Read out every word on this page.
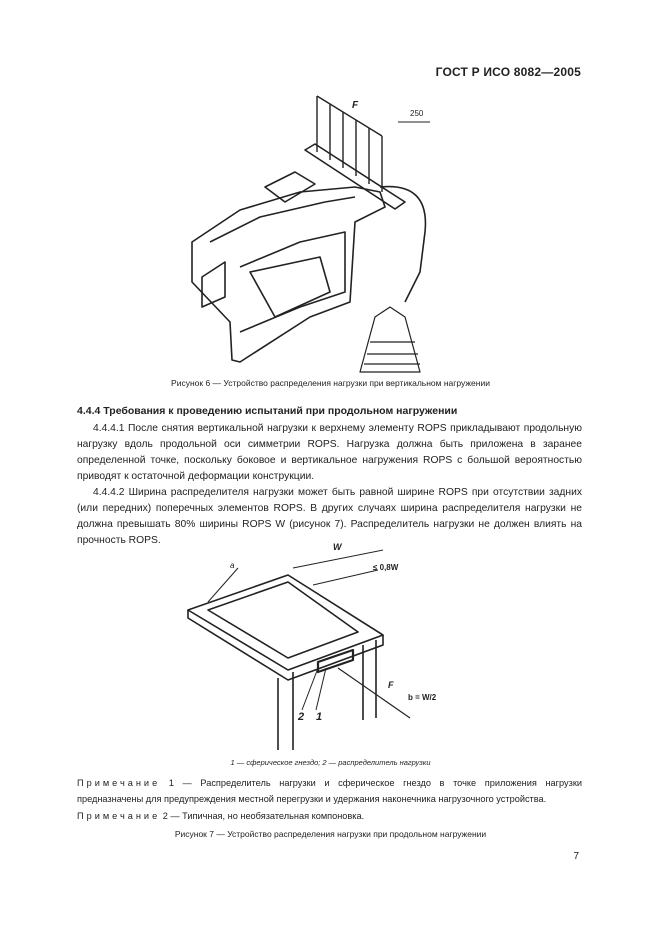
ГОСТ Р ИСО 8082—2005
F
250
Рисунок 6 — Устройство распределения нагрузки при вертикальном нагружении
4.4.4 Требования к проведению испытаний при продольном нагружении

4.4.4.1 После снятия вертикальной нагрузки к верхнему элементу ROPS прикладывают продольную нагрузку вдоль продольной оси симметрии ROPS. Нагрузка должна быть приложена в заранее определенной точке, поскольку боковое и вертикальное нагружения ROPS с большой вероятностью приводят к остаточной деформации конструкции.

4.4.4.2 Ширина распределителя нагрузки может быть равной ширине ROPS при отсутствии задних (или передних) поперечных элементов ROPS. В других случаях ширина распределителя нагрузки не должна превышать 80% ширины ROPS W (рисунок 7). Распределитель нагрузки не должен влиять на прочность ROPS.

W
≤ 0,8W
a
F
b = W/2
2 1
1 — сферическое гнездо; 2 — распределитель нагрузки

Примечание 1 — Распределитель нагрузки и сферическое гнездо в точке приложения нагрузки предназначены для предупреждения местной перегрузки и удержания наконечника нагрузочного устройства.

Примечание 2 — Типичная, но необязательная компоновка.

Рисунок 7 — Устройство распределения нагрузки при продольном нагружении
7
